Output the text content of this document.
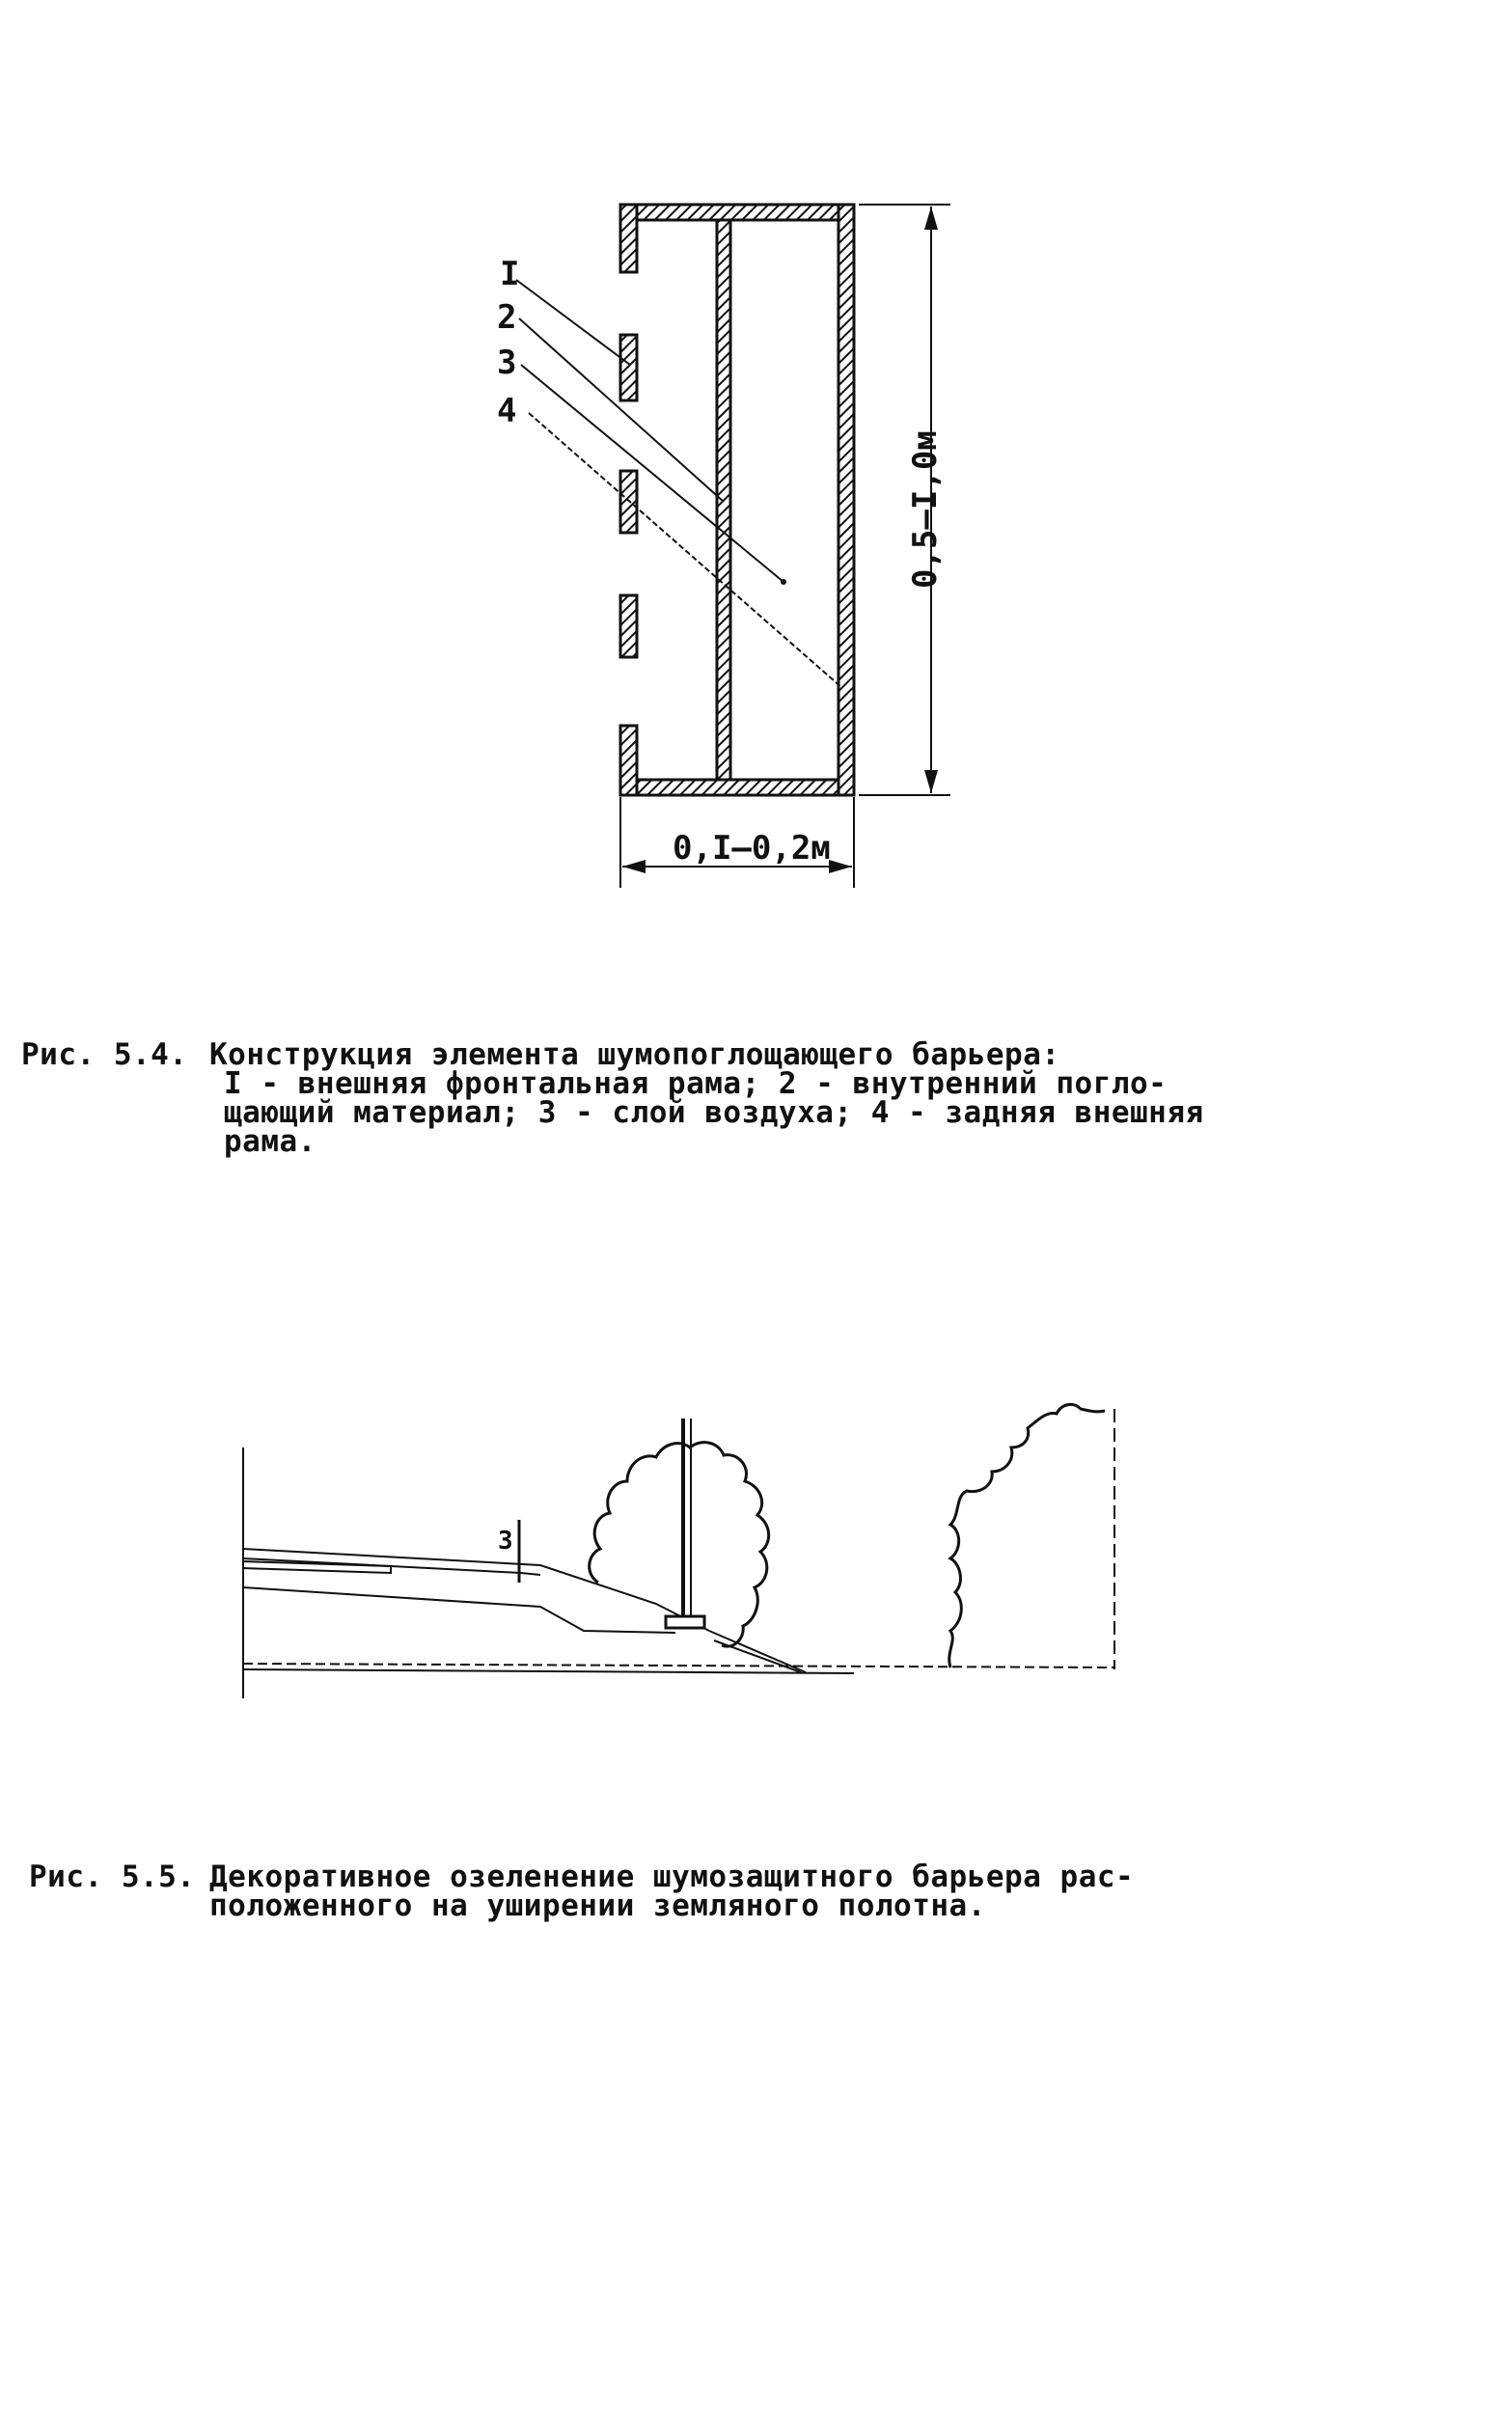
I
2
3
4
0,5–I,0м
0,I–0,2м

Рис. 5.4.

Конструкция элемента шумопоглощающего барьера:

I - внешняя фронтальная рама; 2 - внутренний погло-

щающий материал; 3 - слой воздуха; 4 - задняя внешняя

рама.

3

Рис. 5.5.

Декоративное озеленение шумозащитного барьера рас-

положенного на уширении земляного полотна.
